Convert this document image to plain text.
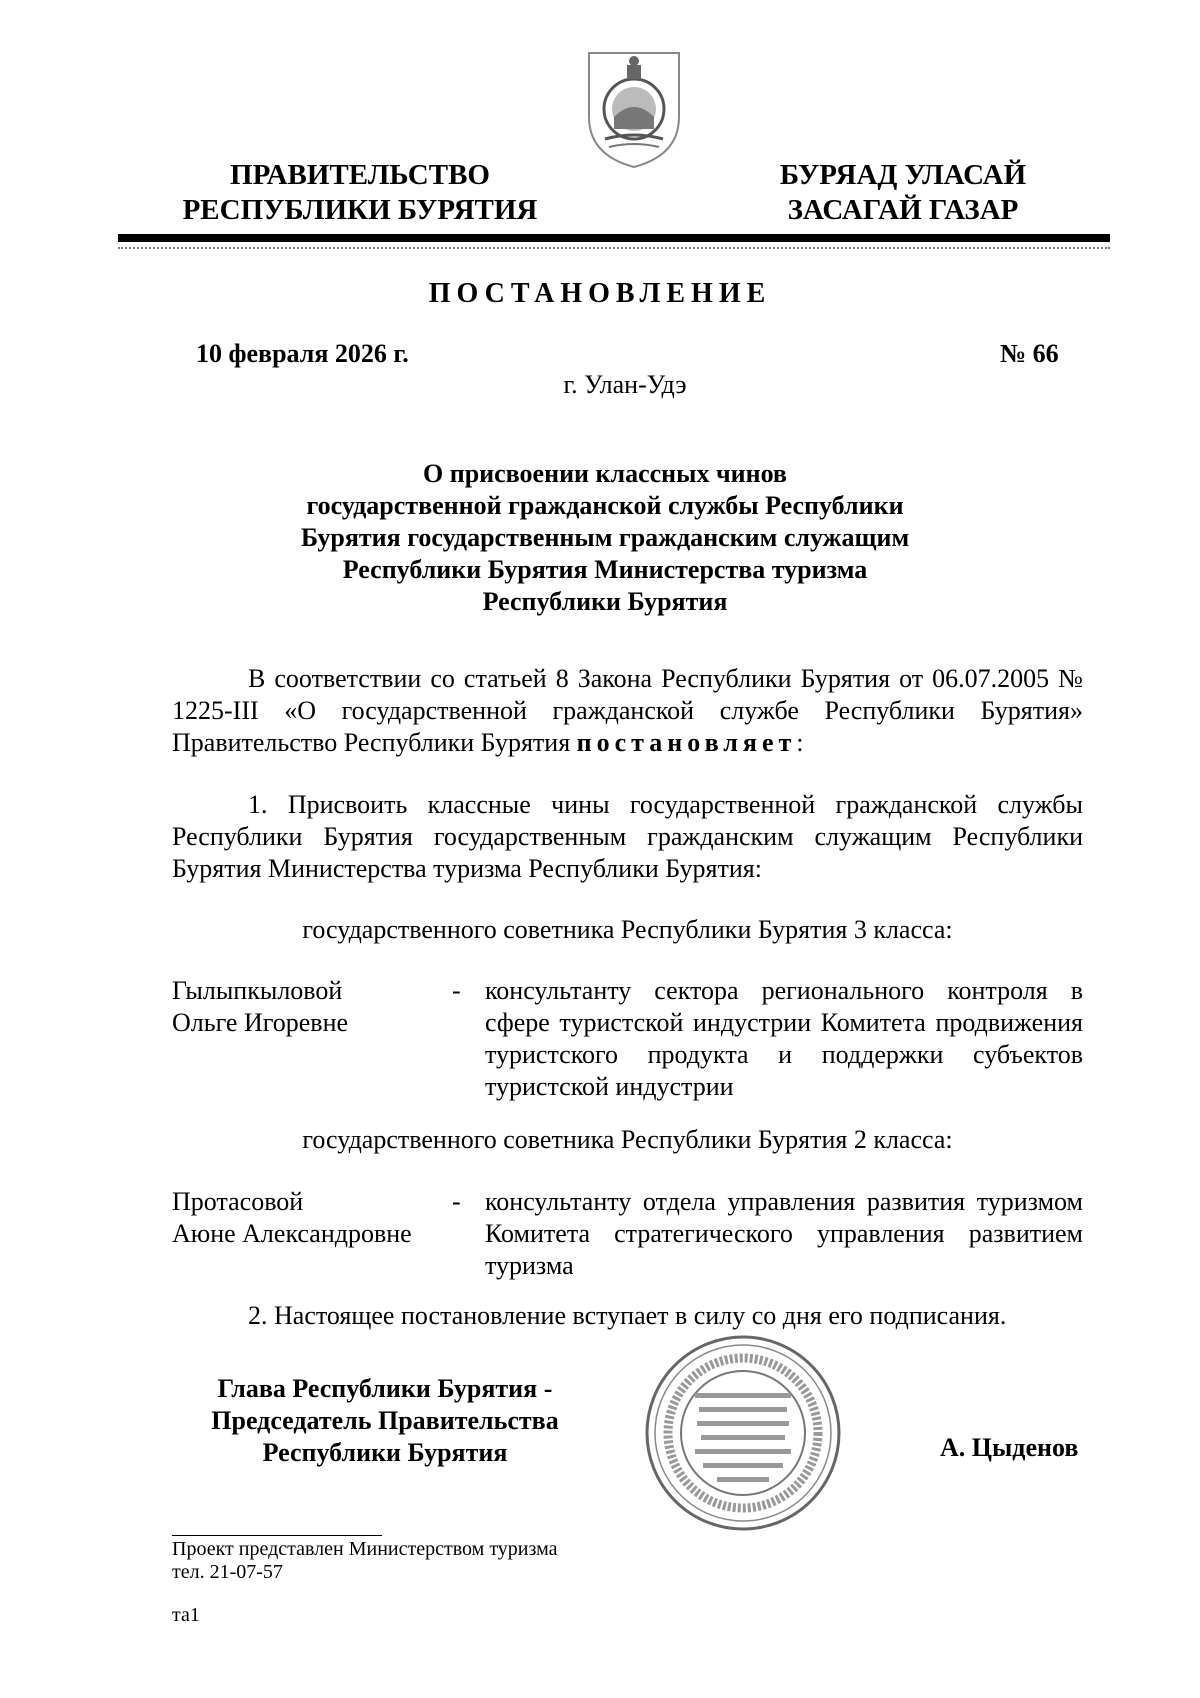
ПРАВИТЕЛЬСТВО
РЕСПУБЛИКИ БУРЯТИЯ
БУРЯАД УЛАСАЙ
ЗАСАГАЙ ГАЗАР
ПОСТАНОВЛЕНИЕ
10 февраля 2026 г.	№ 66
г. Улан-Удэ
О присвоении классных чинов
государственной гражданской службы Республики
Бурятия государственным гражданским служащим
Республики Бурятия Министерства туризма
Республики Бурятия
В соответствии со статьей 8 Закона Республики Бурятия от 06.07.2005 № 1225-III «О государственной гражданской службе Республики Бурятия» Правительство Республики Бурятия постановляет:
1. Присвоить классные чины государственной гражданской службы Республики Бурятия государственным гражданским служащим Республики Бурятия Министерства туризма Республики Бурятия:
государственного советника Республики Бурятия 3 класса:
Гылыпкыловой
Ольге Игоревне
- консультанту сектора регионального контроля в сфере туристской индустрии Комитета продвижения туристского продукта и поддержки субъектов туристской индустрии
государственного советника Республики Бурятия 2 класса:
Протасовой
Аюне Александровне
- консультанту отдела управления развития туризмом Комитета стратегического управления развитием туризма
2. Настоящее постановление вступает в силу со дня его подписания.
Глава Республики Бурятия -
Председатель Правительства
Республики Бурятия	А. Цыденов
Проект представлен Министерством туризма
тел. 21-07-57
та1
